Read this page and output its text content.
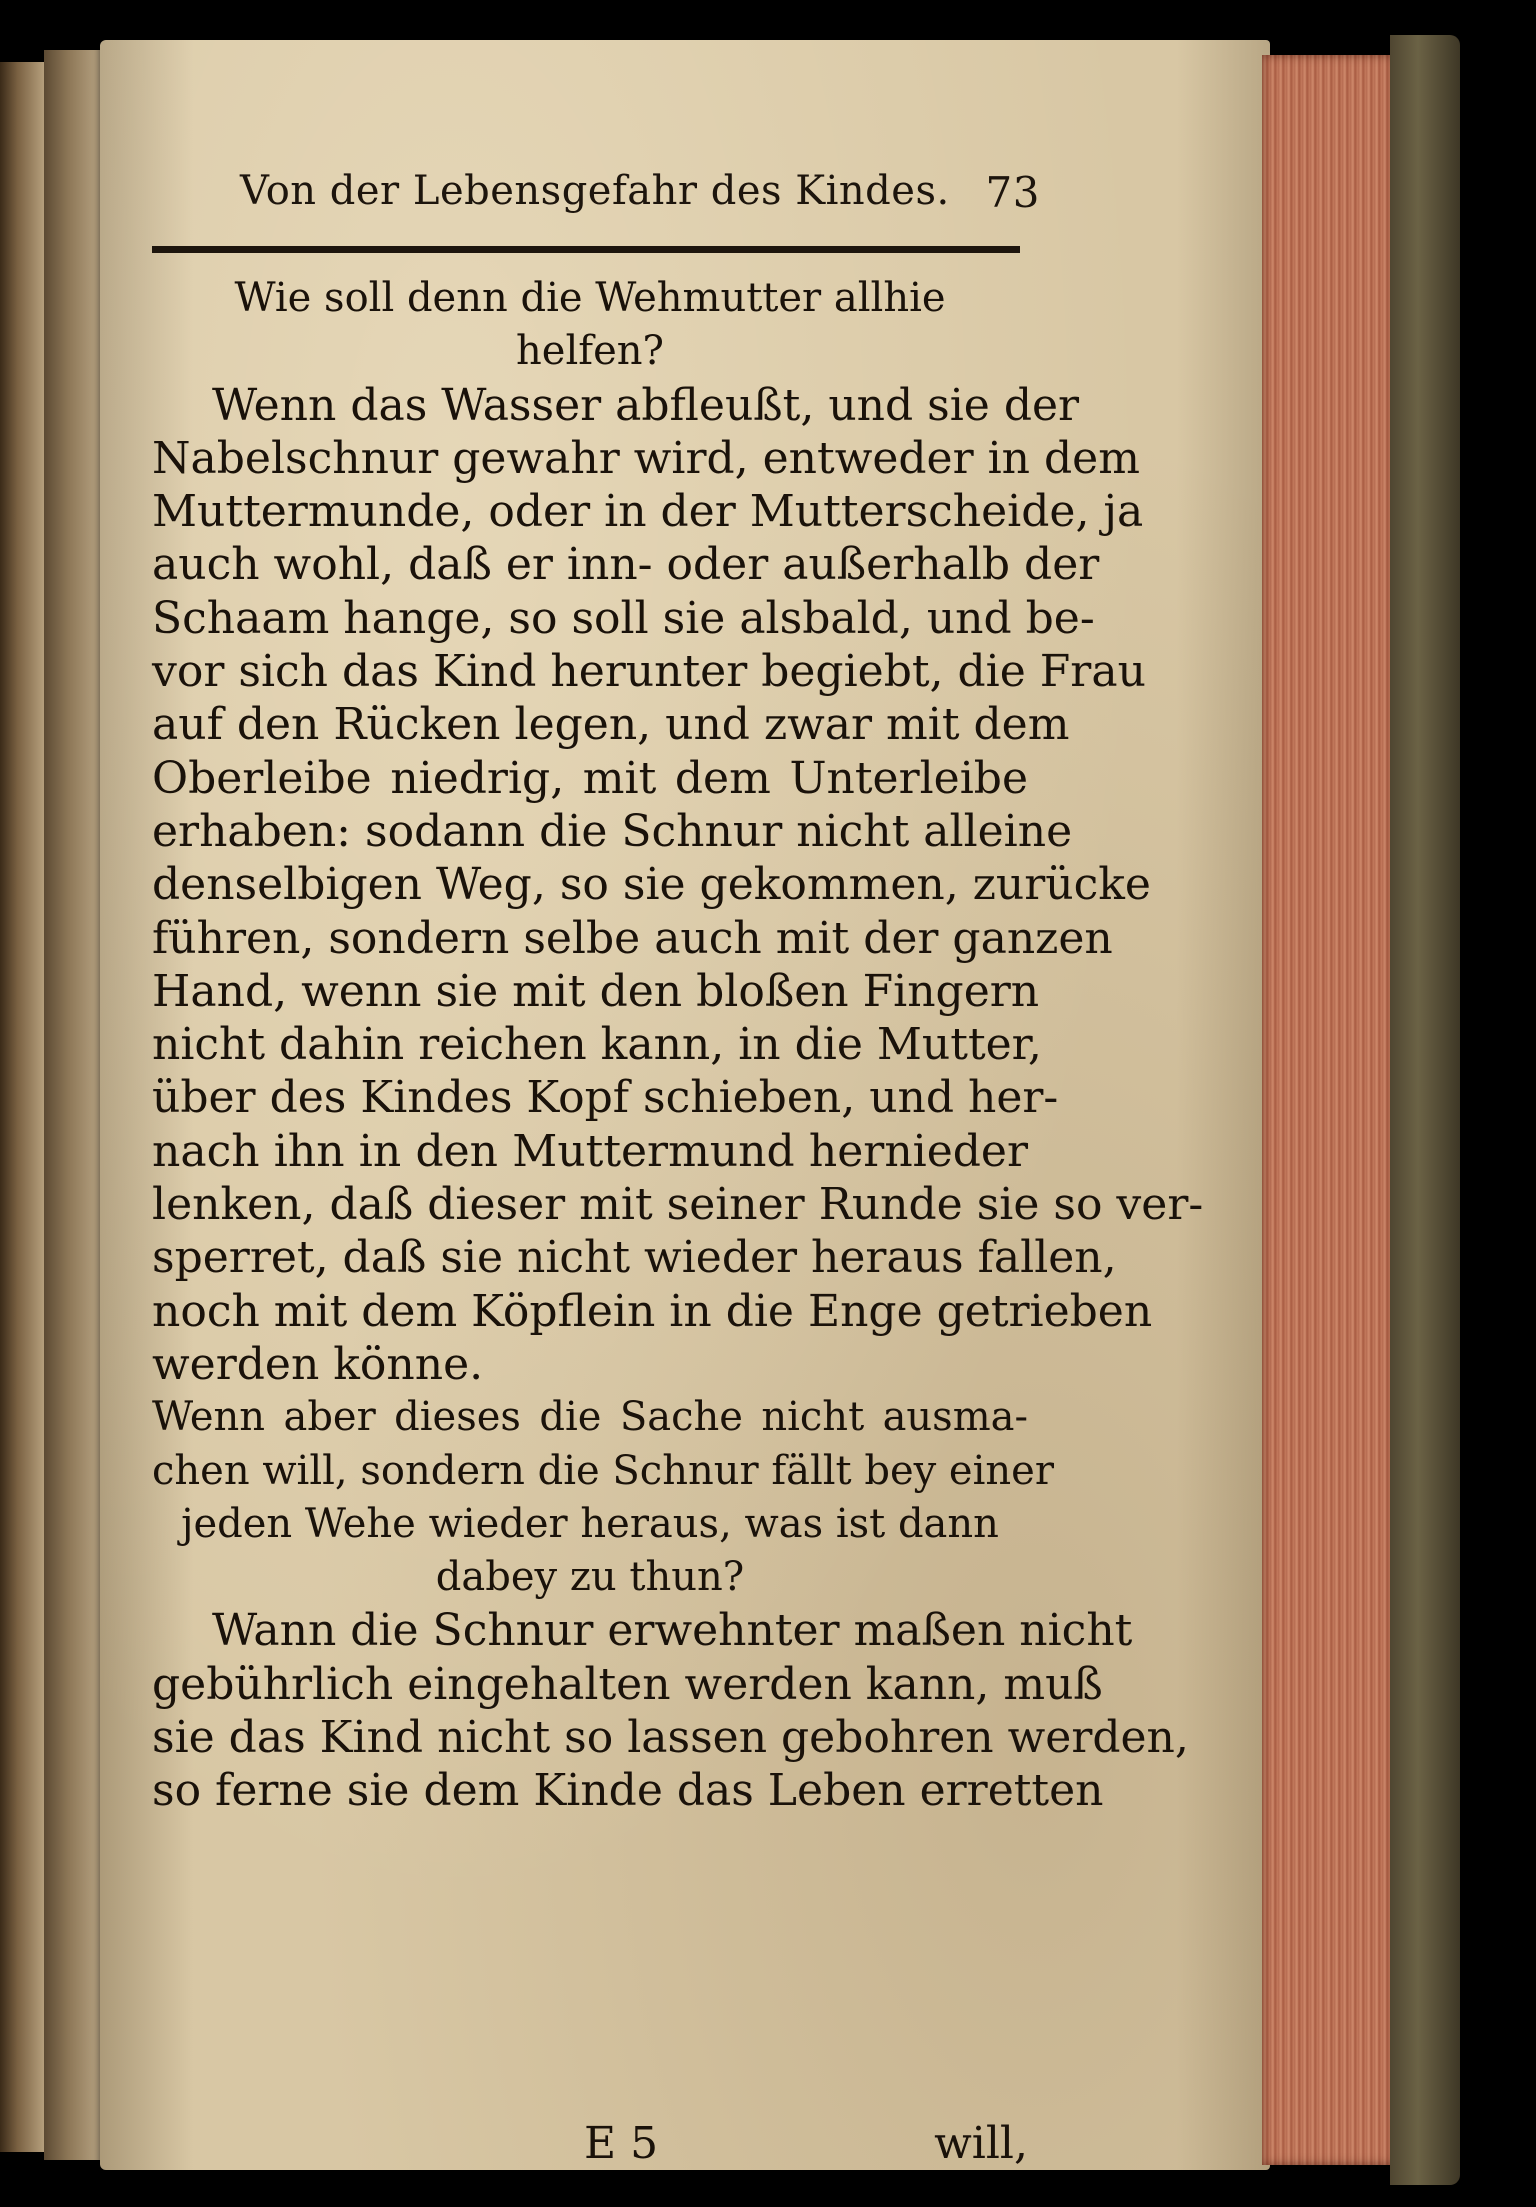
Von der Lebensgefahr des Kindes. 73
Wie soll denn die Wehmutter allhie
helfen?
Wenn das Wasser abfleußt, und sie der
Nabelschnur gewahr wird, entweder in dem
Muttermunde, oder in der Mutterscheide, ja
auch wohl, daß er inn- oder außerhalb der
Schaam hange, so soll sie alsbald, und be-
vor sich das Kind herunter begiebt, die Frau
auf den Rücken legen, und zwar mit dem
Oberleibe niedrig, mit dem Unterleibe
erhaben: sodann die Schnur nicht alleine
denselbigen Weg, so sie gekommen, zurücke
führen, sondern selbe auch mit der ganzen
Hand, wenn sie mit den bloßen Fingern
nicht dahin reichen kann, in die Mutter,
über des Kindes Kopf schieben, und her-
nach ihn in den Muttermund hernieder
lenken, daß dieser mit seiner Runde sie so ver-
sperret, daß sie nicht wieder heraus fallen,
noch mit dem Köpflein in die Enge getrieben
werden könne.
Wenn aber dieses die Sache nicht ausma-
chen will, sondern die Schnur fällt bey einer
jeden Wehe wieder heraus, was ist dann
dabey zu thun?
Wann die Schnur erwehnter maßen nicht
gebührlich eingehalten werden kann, muß
sie das Kind nicht so lassen gebohren werden,
so ferne sie dem Kinde das Leben erretten
E 5	will,
